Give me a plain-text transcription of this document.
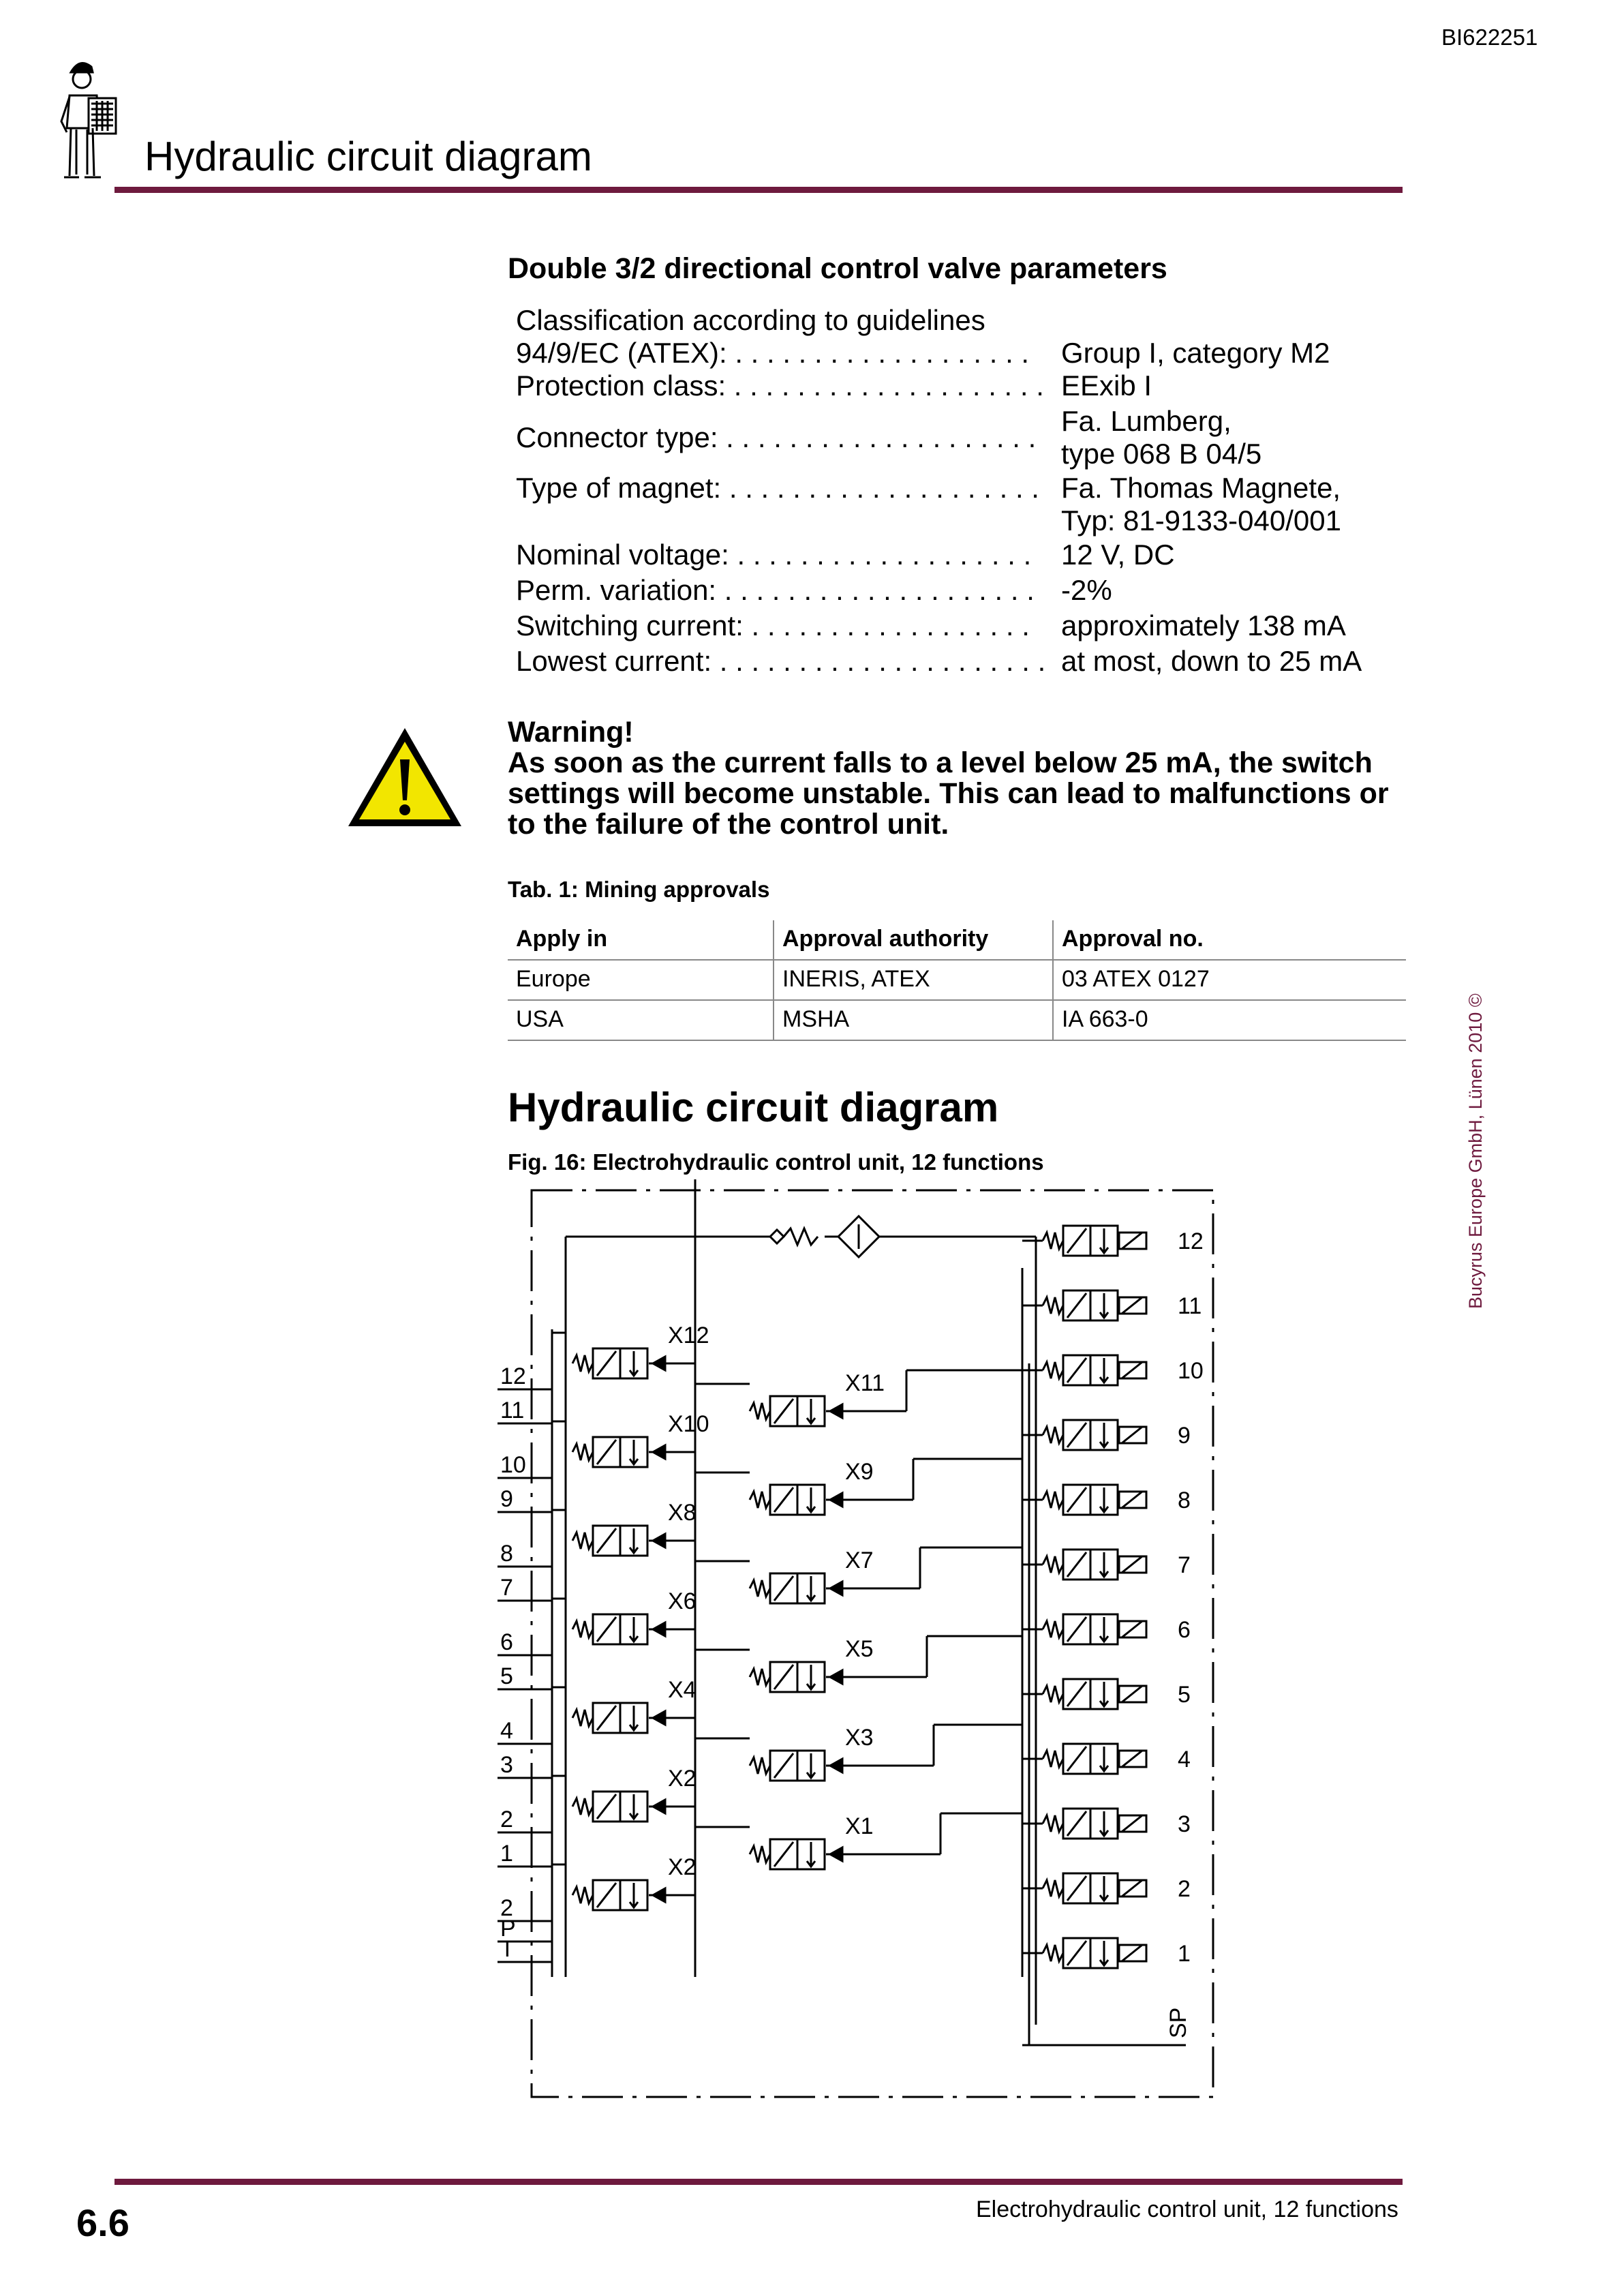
BI622251
Hydraulic circuit diagram
Double 3/2 directional control valve parameters
Classification according to guidelines
94/9/EC (ATEX): . . . . . . . . . . . . . . . . . . . Group I, category M2
Protection class: . . . . . . . . . . . . . . . . . . . . EExib I
Connector type: . . . . . . . . . . . . . . . . . . . .
Fa. Lumberg,
type 068 B 04/5
Type of magnet: . . . . . . . . . . . . . . . . . . . . Fa. Thomas Magnete,
Typ: 81-9133-040/001
Nominal voltage: . . . . . . . . . . . . . . . . . . . 12 V, DC
Perm. variation: . . . . . . . . . . . . . . . . . . . . -2%
Switching current: . . . . . . . . . . . . . . . . . . approximately 138 mA
Lowest current: . . . . . . . . . . . . . . . . . . . . . at most, down to 25 mA
Warning!
As soon as the current falls to a level below 25 mA, the switch settings will become unstable. This can lead to malfunctions or to the failure of the control unit.
Tab. 1: Mining approvals
Apply in	Approval authority	Approval no.
Europe	INERIS, ATEX	03 ATEX 0127
USA	MSHA	IA 663-0
Hydraulic circuit diagram
Fig. 16: Electrohydraulic control unit, 12 functions
X12
X10
X8
X6
X4
X2
X2
X11
X9
X7
X5
X3
X1
12
11
10
9
8
7
6
5
4
3
2
1
12
11
10
9
8
7
6
5
4
3
2
1
2
P
T
SP
Bucyrus Europe GmbH, Lünen 2010 ©
6.6	Electrohydraulic control unit, 12 functions
